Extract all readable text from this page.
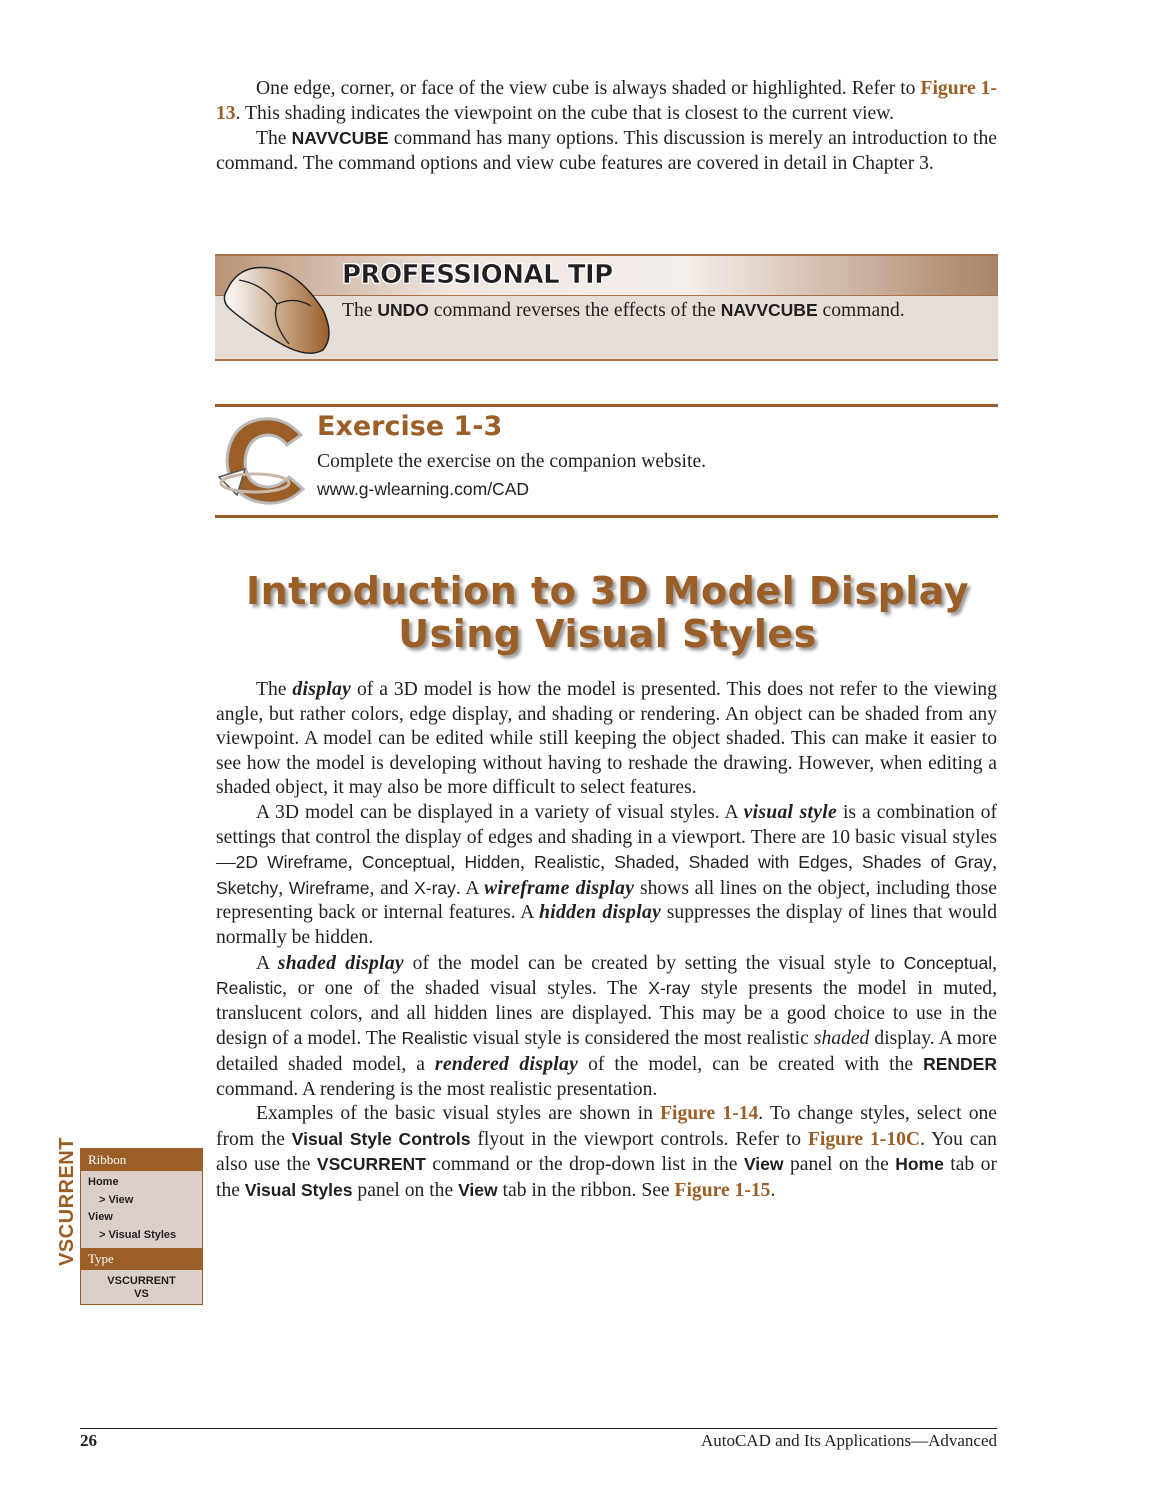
One edge, corner, or face of the view cube is always shaded or highlighted. Refer to Figure 1-13. This shading indicates the viewpoint on the cube that is closest to the current view.

The NAVVCUBE command has many options. This discussion is merely an introduction to the command. The command options and view cube features are covered in detail in Chapter 3.

PROFESSIONAL TIP
The UNDO command reverses the effects of the NAVVCUBE command.
Exercise 1-3
Complete the exercise on the companion website.
www.g-wlearning.com/CAD
Introduction to 3D Model Display
Using Visual Styles

The display of a 3D model is how the model is presented. This does not refer to the viewing angle, but rather colors, edge display, and shading or rendering. An object can be shaded from any viewpoint. A model can be edited while still keeping the object shaded. This can make it easier to see how the model is developing without having to reshade the drawing. However, when editing a shaded object, it may also be more difficult to select features.

A 3D model can be displayed in a variety of visual styles. A visual style is a combination of settings that control the display of edges and shading in a viewport. There are 10 basic visual styles—2D Wireframe, Conceptual, Hidden, Realistic, Shaded, Shaded with Edges, Shades of Gray, Sketchy, Wireframe, and X-ray. A wireframe display shows all lines on the object, including those representing back or internal features. A hidden display suppresses the display of lines that would normally be hidden.

A shaded display of the model can be created by setting the visual style to Conceptual, Realistic, or one of the shaded visual styles. The X-ray style presents the model in muted, translucent colors, and all hidden lines are displayed. This may be a good choice to use in the design of a model. The Realistic visual style is considered the most realistic shaded display. A more detailed shaded model, a rendered display of the model, can be created with the RENDER command. A rendering is the most realistic presentation.

Examples of the basic visual styles are shown in Figure 1-14. To change styles, select one from the Visual Style Controls flyout in the viewport controls. Refer to Figure 1-10C. You can also use the VSCURRENT command or the drop-down list in the View panel on the Home tab or the Visual Styles panel on the View tab in the ribbon. See Figure 1-15.

VSCURRENT Ribbon
Home
> View
View
> Visual Styles
Type
VSCURRENT
VS
26	AutoCAD and Its Applications—Advanced
